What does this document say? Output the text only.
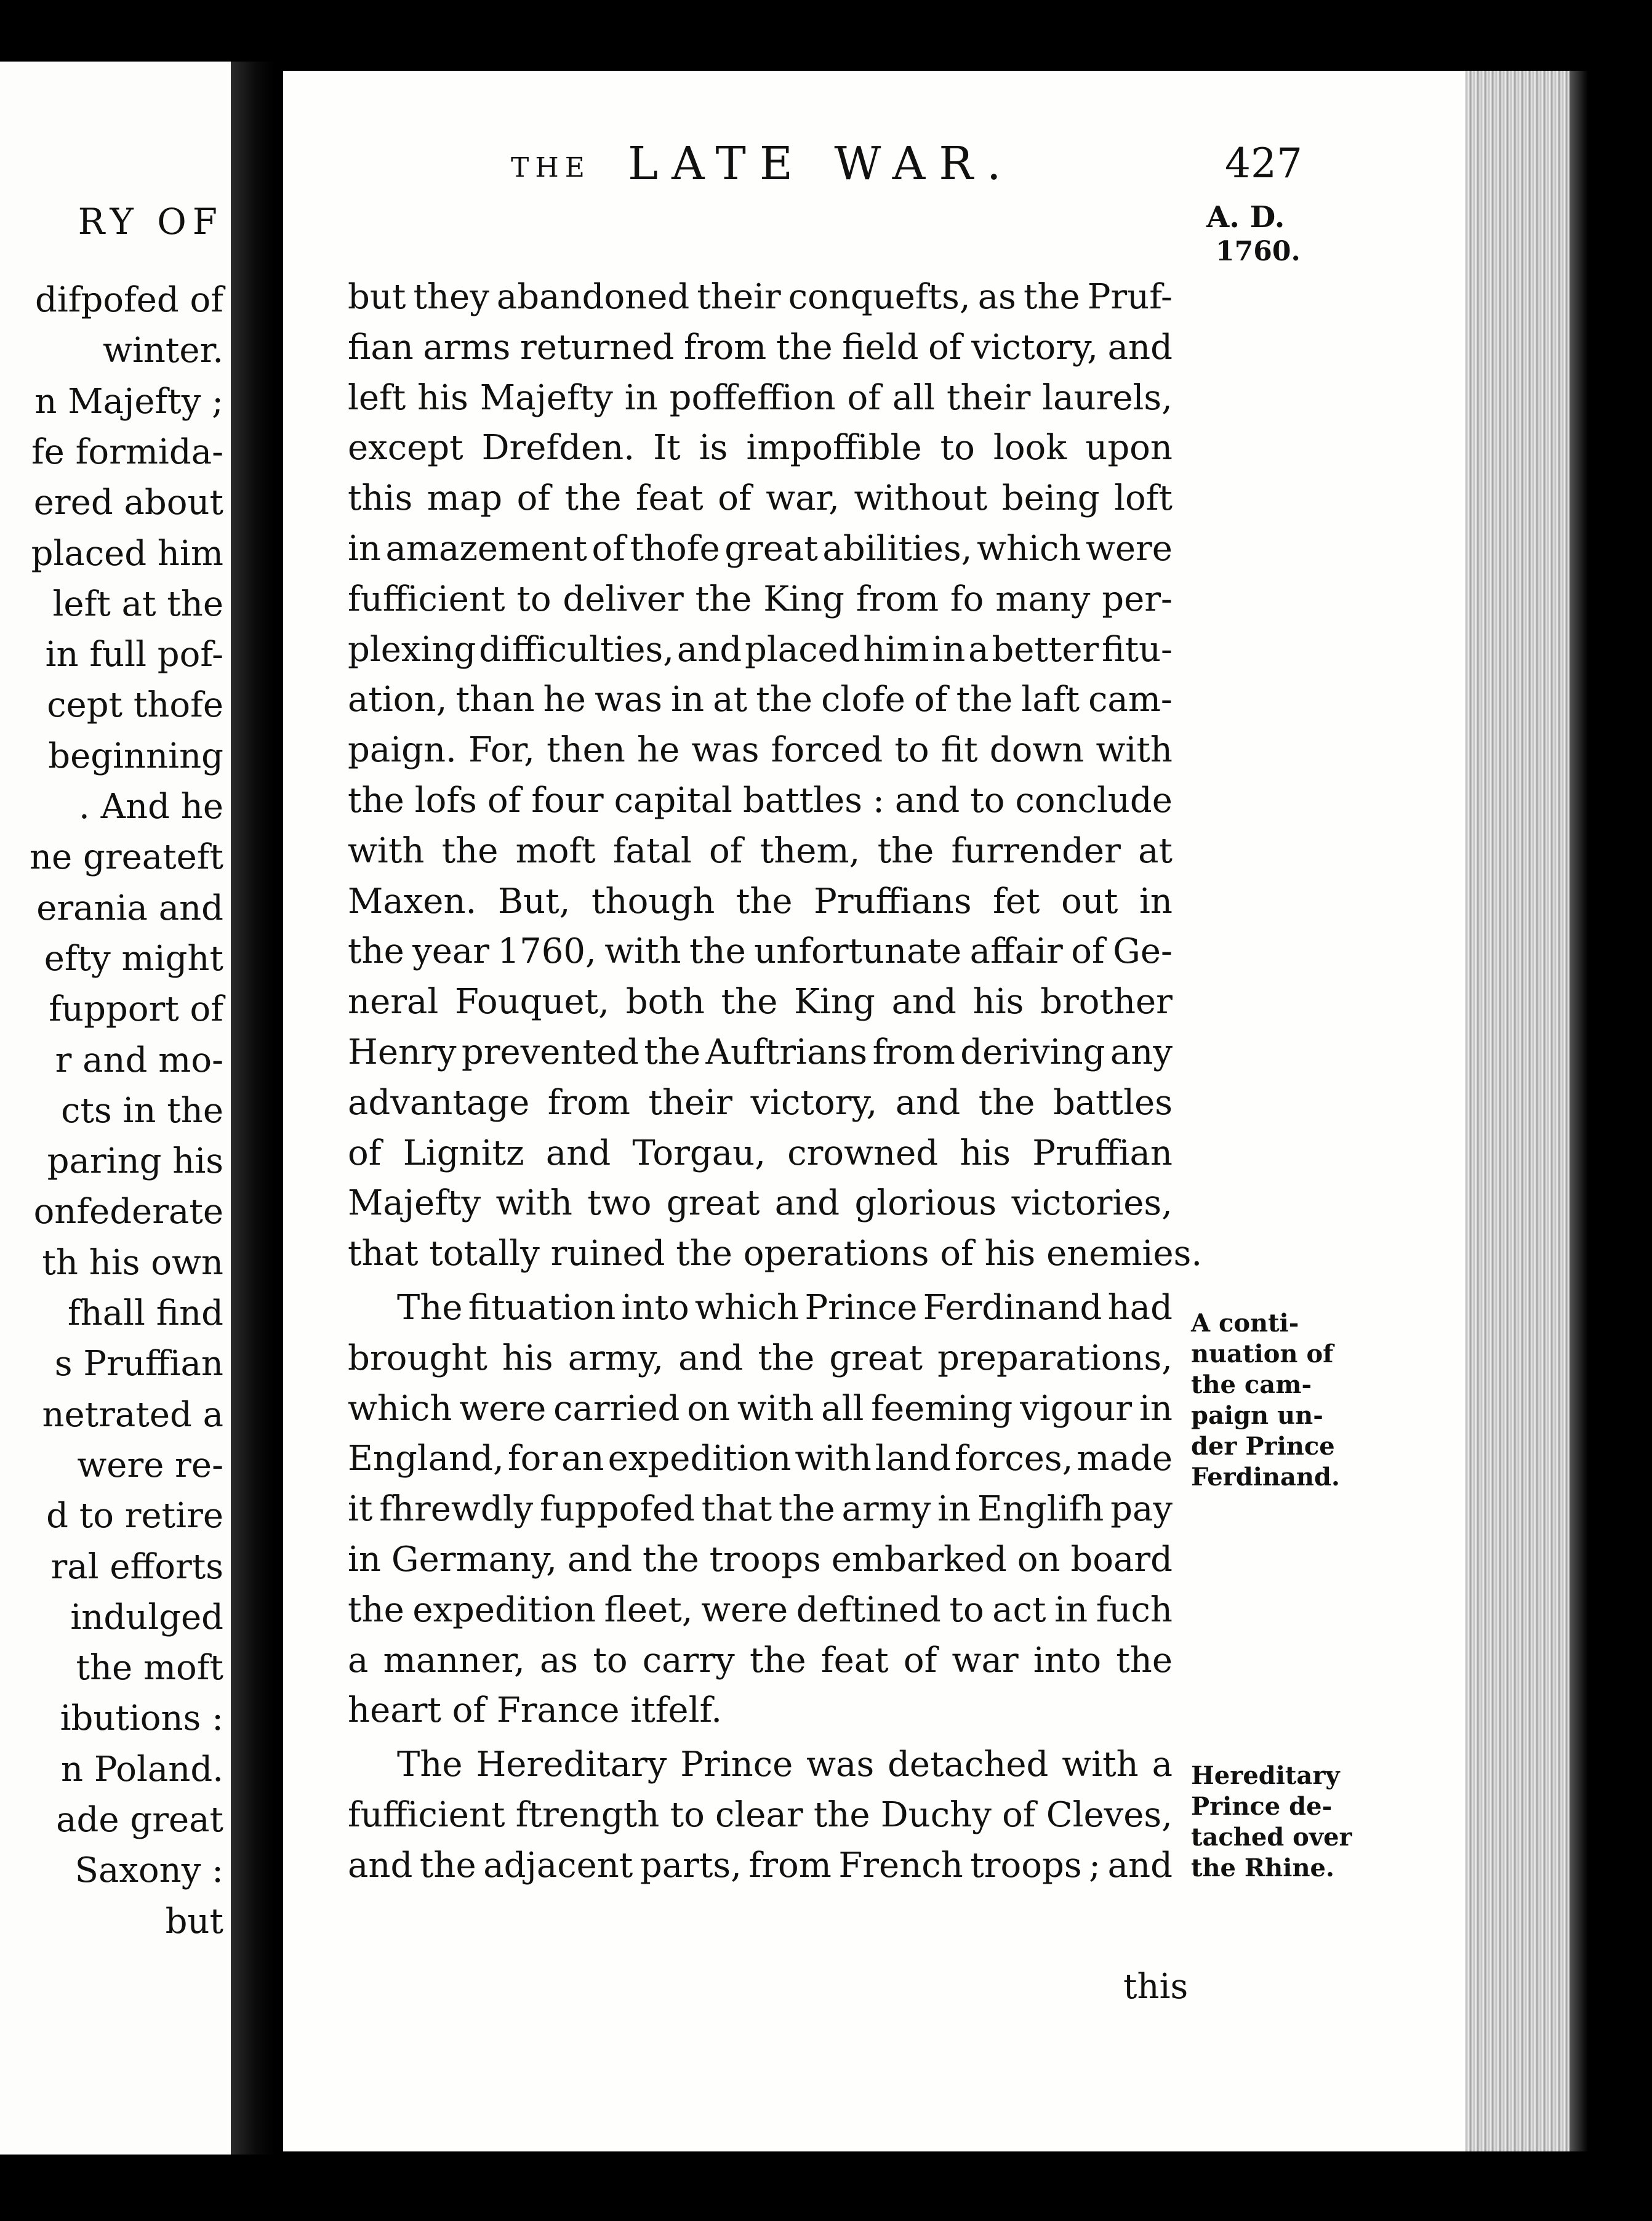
RY OF
difpofed of
winter.
n Majefty ;
fe formida-
ered about
placed him
left at the
in full pof-
cept thofe
beginning
. And he
ne greateft
erania and
efty might
fupport of
r and mo-
cts in the
paring his
onfederate
th his own
fhall find
s Pruffian
netrated a
were re-
d to retire
ral efforts
indulged
the moft
ibutions :
n Poland.
ade great
Saxony :
but
THE LATE WAR.	427
A. D.
1760.
but they abandoned their conquefts, as the Pruf-
fian arms returned from the field of victory, and
left his Majefty in poffeffion of all their laurels,
except Drefden. It is impoffible to look upon
this map of the feat of war, without being loft
in amazement of thofe great abilities, which were
fufficient to deliver the King from fo many per-
plexing difficulties, and placed him in a better fitu-
ation, than he was in at the clofe of the laft cam-
paign. For, then he was forced to fit down with
the lofs of four capital battles : and to conclude
with the moft fatal of them, the furrender at
Maxen. But, though the Pruffians fet out in
the year 1760, with the unfortunate affair of Ge-
neral Fouquet, both the King and his brother
Henry prevented the Auftrians from deriving any
advantage from their victory, and the battles
of Lignitz and Torgau, crowned his Pruffian
Majefty with two great and glorious victories,
that totally ruined the operations of his enemies.
The fituation into which Prince Ferdinand had
brought his army, and the great preparations,
which were carried on with all feeming vigour in
England, for an expedition with land forces, made
it fhrewdly fuppofed that the army in Englifh pay
in Germany, and the troops embarked on board
the expedition fleet, were deftined to act in fuch
a manner, as to carry the feat of war into the
heart of France itfelf.
The Hereditary Prince was detached with a
fufficient ftrength to clear the Duchy of Cleves,
and the adjacent parts, from French troops ; and
A conti-
nuation of
the cam-
paign un-
der Prince
Ferdinand.
Hereditary
Prince de-
tached over
the Rhine.
this
